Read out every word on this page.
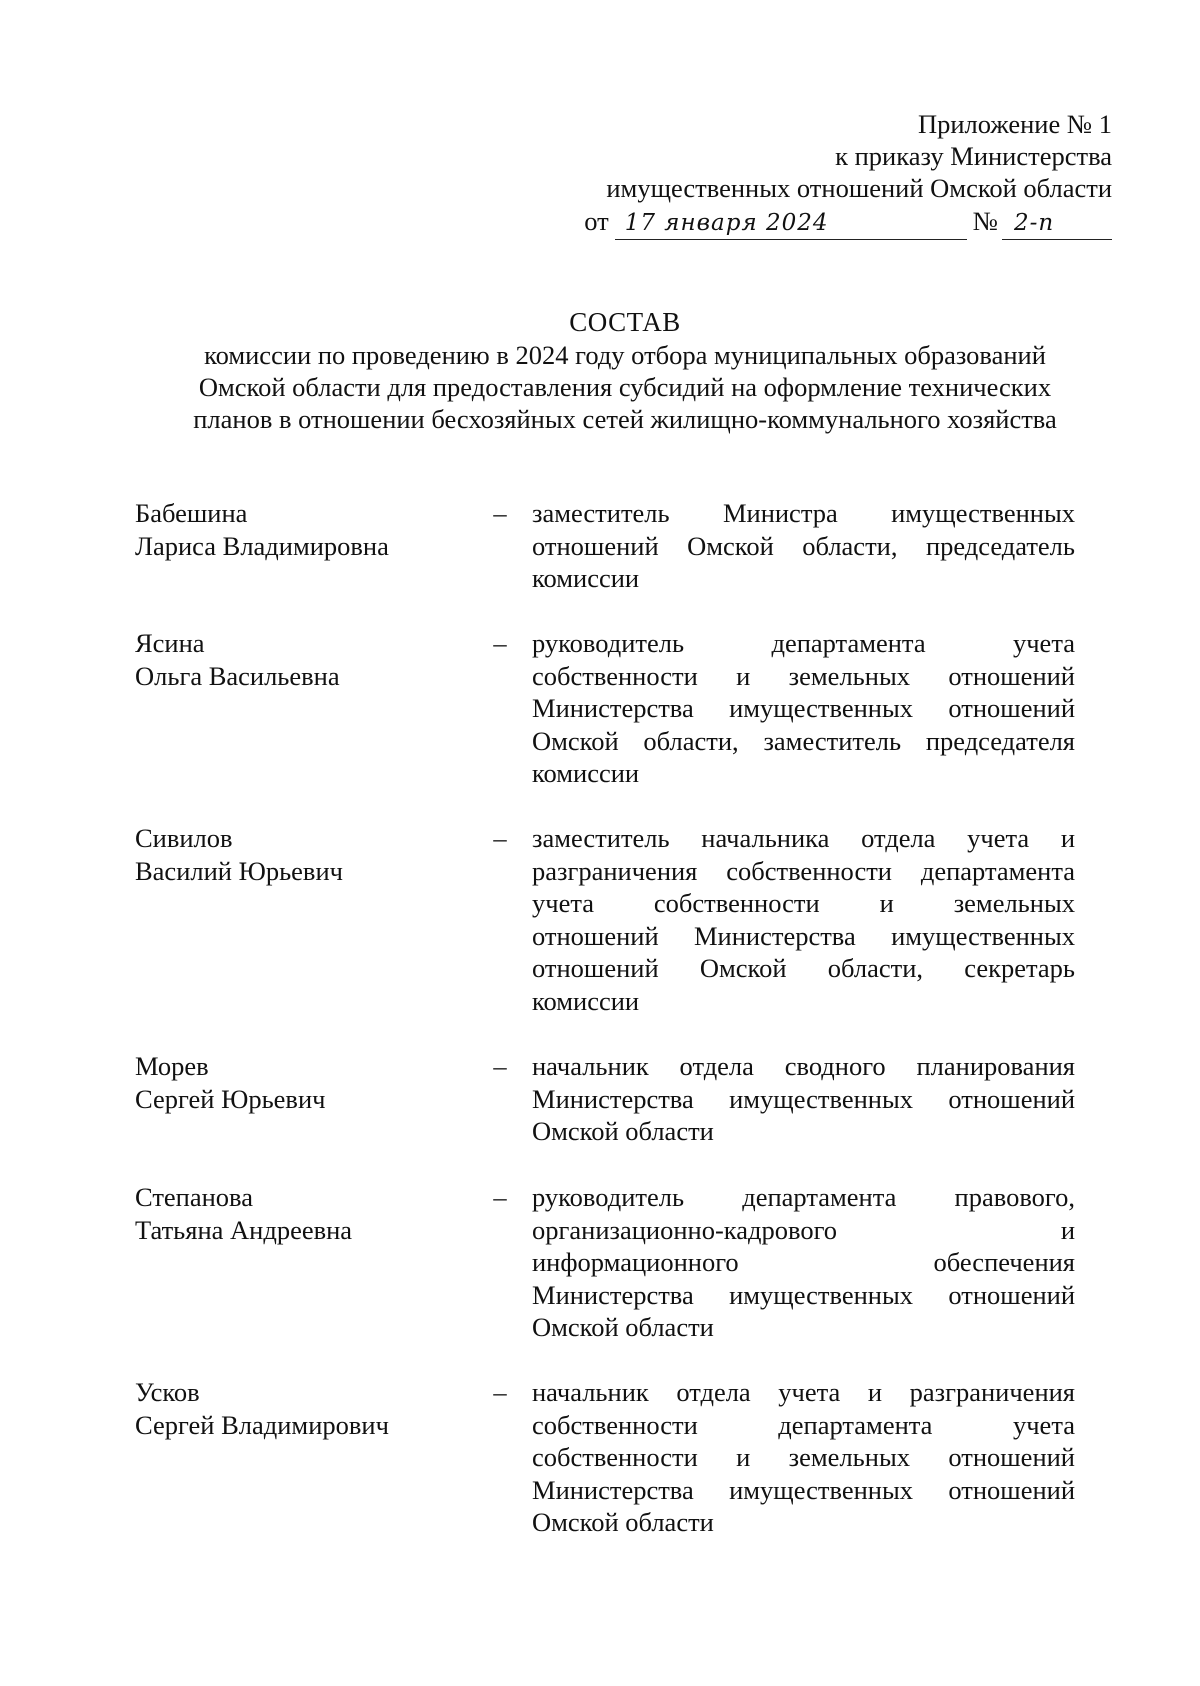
Приложение № 1
к приказу Министерства
имущественных отношений Омской области
от 17 января 2024	№ 2-п
СОСТАВ
комиссии по проведению в 2024 году отбора муниципальных образований
Омской области для предоставления субсидий на оформление технических
планов в отношении бесхозяйных сетей жилищно-коммунального хозяйства
Бабешина
Лариса Владимировна
– заместитель Министра имущественных
отношений Омской области, председатель
комиссии
Ясина
Ольга Васильевна
– руководитель департамента учета
собственности и земельных отношений
Министерства имущественных отношений
Омской области, заместитель председателя
комиссии
Сивилов
Василий Юрьевич
– заместитель начальника отдела учета и
разграничения собственности департамента
учета собственности и земельных
отношений Министерства имущественных
отношений Омской области, секретарь
комиссии
Морев
Сергей Юрьевич
– начальник отдела сводного планирования
Министерства имущественных отношений
Омской области
Степанова
Татьяна Андреевна
– руководитель департамента правового,
организационно-кадрового и
информационного обеспечения
Министерства имущественных отношений
Омской области
Усков
Сергей Владимирович
– начальник отдела учета и разграничения
собственности департамента учета
собственности и земельных отношений
Министерства имущественных отношений
Омской области
